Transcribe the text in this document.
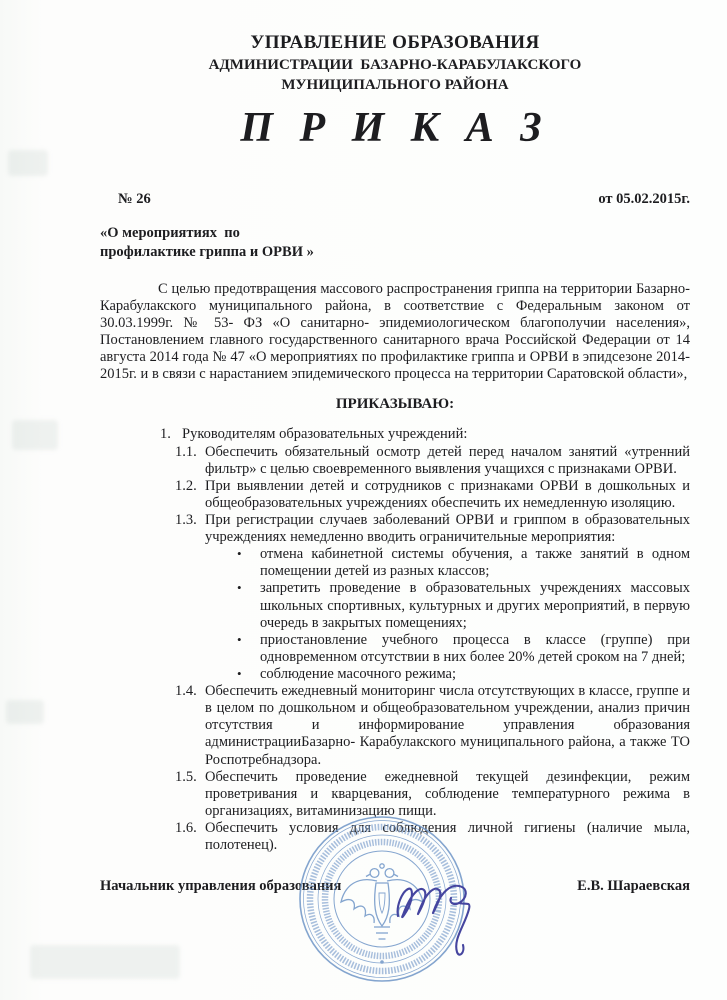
УПРАВЛЕНИЕ ОБРАЗОВАНИЯ
АДМИНИСТРАЦИИ  БАЗАРНО-КАРАБУЛАКСКОГО
МУНИЦИПАЛЬНОГО РАЙОНА
П Р И К А З
№ 26	от 05.02.2015г.
«О мероприятиях  по
профилактике гриппа и ОРВИ »
С целью предотвращения массового распространения гриппа на территории Базарно- Карабулакского муниципального района, в соответствие с Федеральным законом от 30.03.1999г. № 53- ФЗ «О санитарно- эпидемиологическом благополучии населения», Постановлением главного государственного санитарного врача Российской Федерации от 14 августа 2014 года № 47 «О мероприятиях по профилактике гриппа и ОРВИ в эпидсезоне 2014- 2015г. и в связи с нарастанием эпидемического процесса на территории Саратовской области»,
ПРИКАЗЫВАЮ:
1. Руководителям образовательных учреждений:
1.1. Обеспечить обязательный осмотр детей перед началом занятий «утренний фильтр» с целью своевременного выявления учащихся с признаками ОРВИ.
1.2. При выявлении детей и сотрудников с признаками ОРВИ в дошкольных и общеобразовательных учреждениях обеспечить их немедленную изоляцию.
1.3. При регистрации случаев заболеваний ОРВИ и гриппом в образовательных учреждениях немедленно вводить ограничительные мероприятия:
•	отмена кабинетной системы обучения, а также занятий в одном помещении детей из разных классов;
•	запретить проведение в образовательных учреждениях массовых школьных спортивных, культурных и других мероприятий, в первую очередь в закрытых помещениях;
•	приостановление учебного процесса в классе (группе) при одновременном отсутствии в них более 20% детей сроком на 7 дней;
•	соблюдение масочного режима;
1.4. Обеспечить ежедневный мониторинг числа отсутствующих в классе, группе и в целом по дошкольном и общеобразовательном учреждении, анализ причин отсутствия и информирование управления образования администрацииБазарно- Карабулакского муниципального района, а также ТО Роспотребнадзора.
1.5. Обеспечить проведение ежедневной текущей дезинфекции, режим проветривания и кварцевания, соблюдение температурного режима в организациях, витаминизацию пищи.
1.6. Обеспечить условия для соблюдения личной гигиены (наличие мыла, полотенец).
Начальник управления образования	Е.В. Шараевская
